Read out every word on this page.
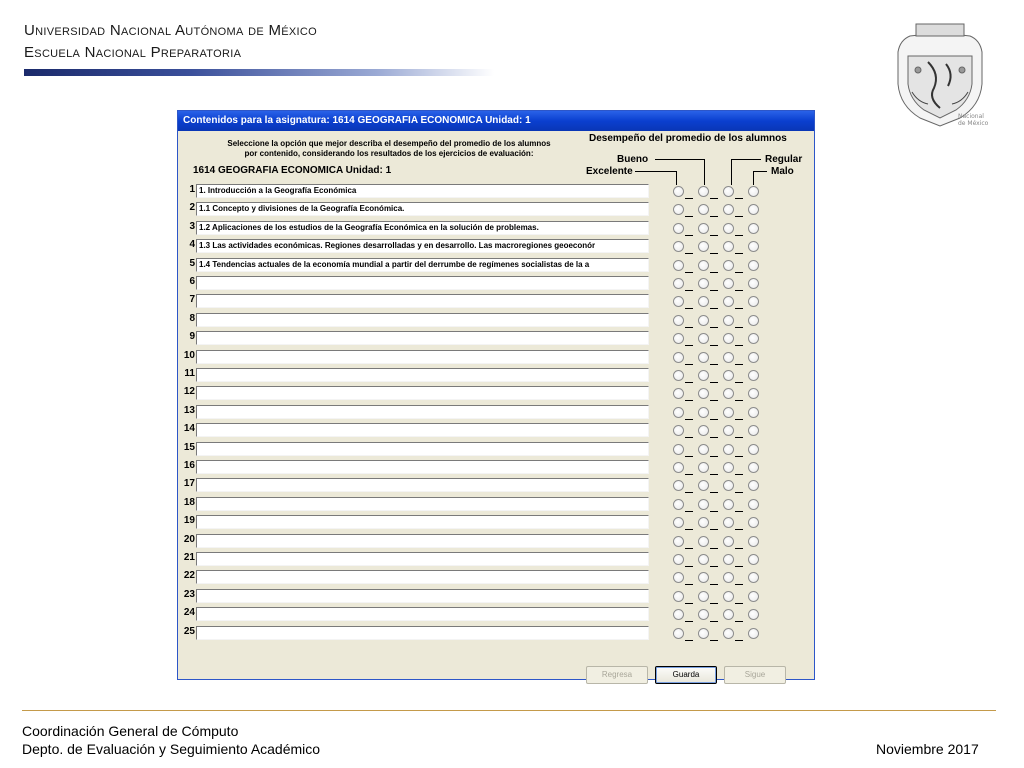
Universidad Nacional Autónoma de México
Escuela Nacional Preparatoria
Nacional
de México
Contenidos para la asignatura: 1614 GEOGRAFIA ECONOMICA Unidad: 1
Seleccione la opción que mejor describa el desempeño del promedio de los alumnos
por contenido, considerando los resultados de los ejercicios de evaluación:
1614 GEOGRAFIA ECONOMICA Unidad: 1
Desempeño del promedio de los alumnos
Bueno
Excelente
Regular
Malo
1 1. Introducción a la Geografía Económica
2 1.1 Concepto y divisiones de la Geografía Económica.
3 1.2 Aplicaciones de los estudios de la Geografía Económica en la solución de problemas.
4 1.3 Las actividades económicas. Regiones desarrolladas y en desarrollo. Las macroregiones geoeconór
5 1.4 Tendencias actuales de la economía mundial a partir del derrumbe de regímenes socialistas de la a
6
7
8
9
10
11
12
13
14
15
16
17
18
19
20
21
22
23
24
25
Regresa	Guarda	Sigue
Coordinación General de Cómputo
Depto. de Evaluación y Seguimiento Académico	Noviembre 2017
